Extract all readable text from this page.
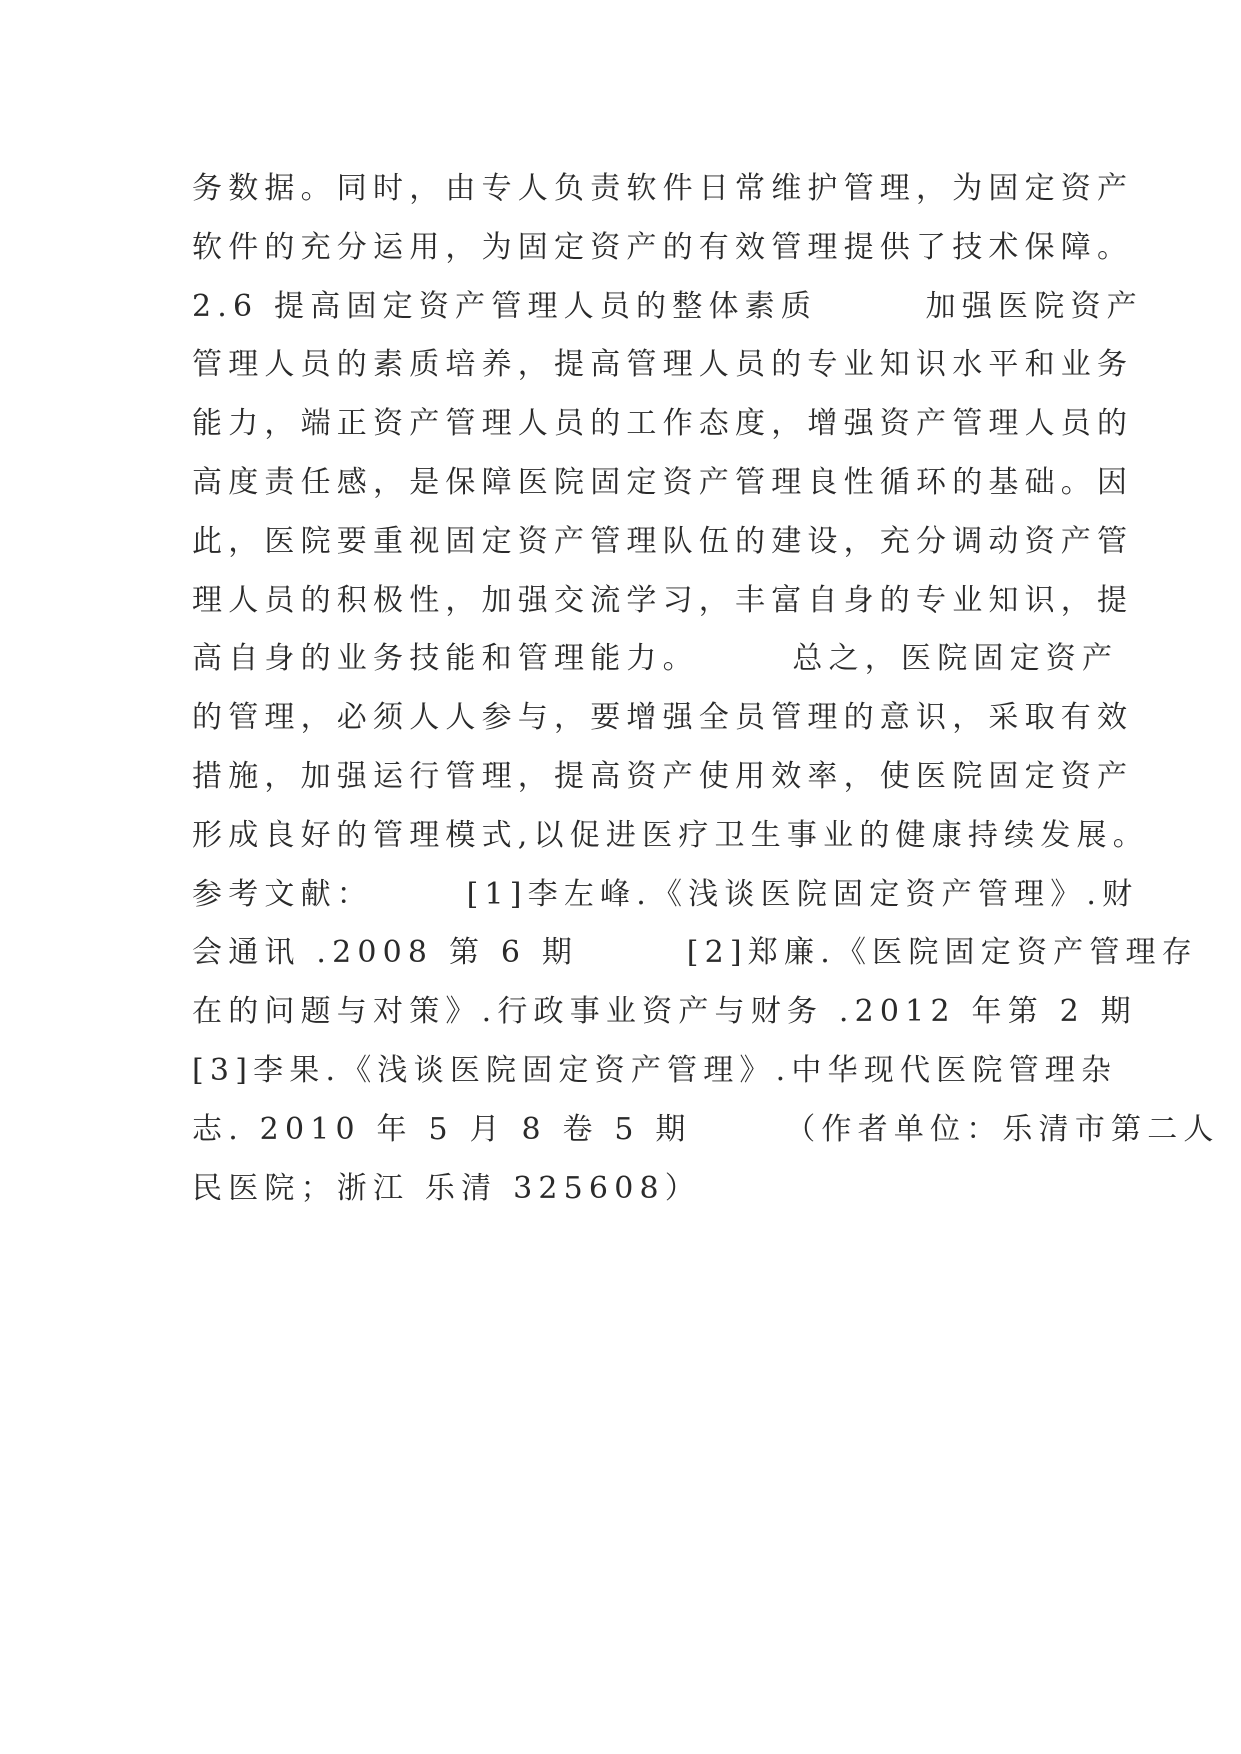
务数据。同时，由专人负责软件日常维护管理，为固定资产
软件的充分运用，为固定资产的有效管理提供了技术保障。
2.6 提高固定资产管理人员的整体素质　　　加强医院资产
管理人员的素质培养，提高管理人员的专业知识水平和业务
能力，端正资产管理人员的工作态度，增强资产管理人员的
高度责任感，是保障医院固定资产管理良性循环的基础。因
此，医院要重视固定资产管理队伍的建设，充分调动资产管
理人员的积极性，加强交流学习，丰富自身的专业知识，提
高自身的业务技能和管理能力。　　　总之，医院固定资产
的管理，必须人人参与，要增强全员管理的意识，采取有效
措施，加强运行管理，提高资产使用效率，使医院固定资产
形成良好的管理模式,以促进医疗卫生事业的健康持续发展。
参考文献：　　　[1]李左峰.《浅谈医院固定资产管理》.财
会通讯 .2008 第 6 期　　　[2]郑廉.《医院固定资产管理存
在的问题与对策》.行政事业资产与财务 .2012 年第 2 期
[3]李果.《浅谈医院固定资产管理》.中华现代医院管理杂
志. 2010 年 5 月 8 卷 5 期　　　（作者单位：乐清市第二人
民医院；浙江 乐清 325608）
